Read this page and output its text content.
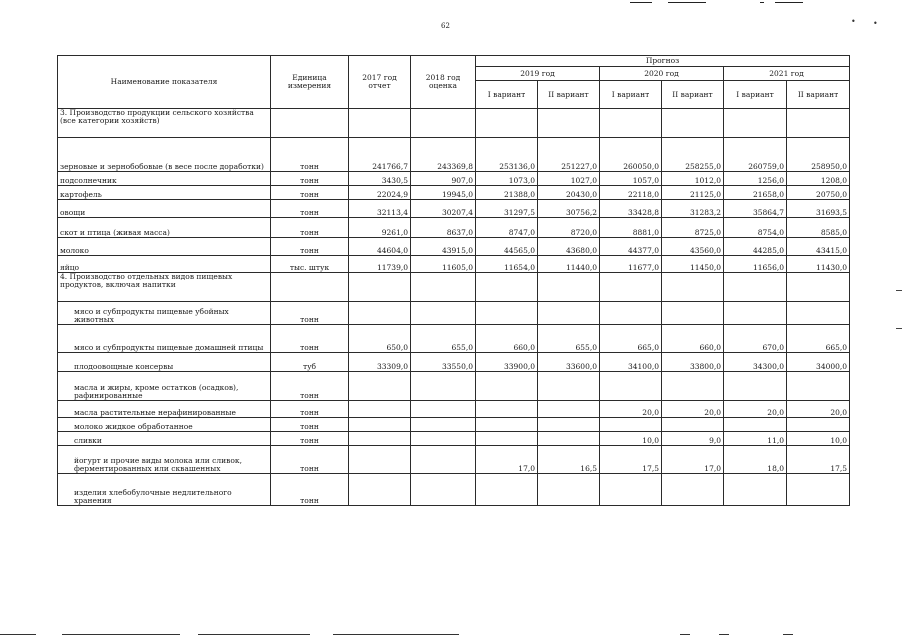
• •
62
Наименование показателя	Единица измерения	2017 год отчет	2018 год оценка	Прогноз					
				2019 год		2020 год		2021 год	
				I вариант	II вариант	I вариант	II вариант	I вариант	II вариант
3. Производство продукции сельского хозяйства (все категории хозяйств)									
зерновые и зернобобовые (в весе после доработки)	тонн	241766,7	243369,8	253136,0	251227,0	260050,0	258255,0	260759,0	258950,0
подсолнечник	тонн	3430,5	907,0	1073,0	1027,0	1057,0	1012,0	1256,0	1208,0
картофель	тонн	22024,9	19945,0	21388,0	20430,0	22118,0	21125,0	21658,0	20750,0
овощи	тонн	32113,4	30207,4	31297,5	30756,2	33428,8	31283,2	35864,7	31693,5
скот и птица (живая масса)	тонн	9261,0	8637,0	8747,0	8720,0	8881,0	8725,0	8754,0	8585,0
молоко	тонн	44604,0	43915,0	44565,0	43680,0	44377,0	43560,0	44285,0	43415,0
яйцо	тыс. штук	11739,0	11605,0	11654,0	11440,0	11677,0	11450,0	11656,0	11430,0
4. Производство отдельных видов пищевых продуктов, включая напитки									
мясо и субпродукты пищевые убойных животных	тонн								
мясо и субпродукты пищевые домашней птицы	тонн	650,0	655,0	660,0	655,0	665,0	660,0	670,0	665,0
плодоовощные консервы	туб	33309,0	33550,0	33900,0	33600,0	34100,0	33800,0	34300,0	34000,0
масла и жиры, кроме остатков (осадков), рафинированные	тонн								
масла растительные нерафинированные	тонн					20,0	20,0	20,0	20,0
молоко жидкое обработанное	тонн								
сливки	тонн					10,0	9,0	11,0	10,0
йогурт и прочие виды молока или сливок, ферментированных или сквашенных	тонн			17,0	16,5	17,5	17,0	18,0	17,5
изделия хлебобулочные недлительного хранения	тонн								
